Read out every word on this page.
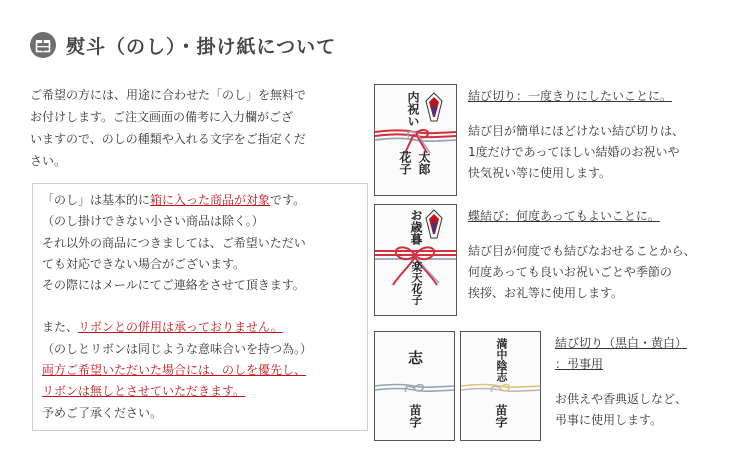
熨斗（のし）・掛け紙について
ご希望の方には、用途に合わせた「のし」を無料で
お付けします。ご注文画面の備考に入力欄がござ
いますので、のしの種類や入れる文字をご指定くだ
さい。

「のし」は基本的に箱に入った商品が対象です。

（のし掛けできない小さい商品は除く。）

それ以外の商品につきましては、ご希望いただい

ても対応できない場合がございます。

その際にはメールにてご連絡をさせて頂きます。

また、リボンとの併用は承っておりません。

（のしとリボンは同じような意味合いを持つ為。）

両方ご希望いただいた場合には、のしを優先し、

リボンは無しとさせていただきます。

予めご了承ください。

内祝い
太郎
花子

結び切り：一度きりにしたいことに。

結び目が簡単にほどけない結び切りは、

1度だけであってほしい結婚のお祝いや

快気祝い等に使用します。

お歳暮
楽天花子

蝶結び：何度あってもよいことに。

結び目が何度でも結びなおせることから、

何度あっても良いお祝いごとや季節の

挨拶、お礼等に使用します。

志
苗字
満中陰志
苗字
結び切り（黒白・黄白）
：弔事用

お供えや香典返しなど、

弔事に使用します。
